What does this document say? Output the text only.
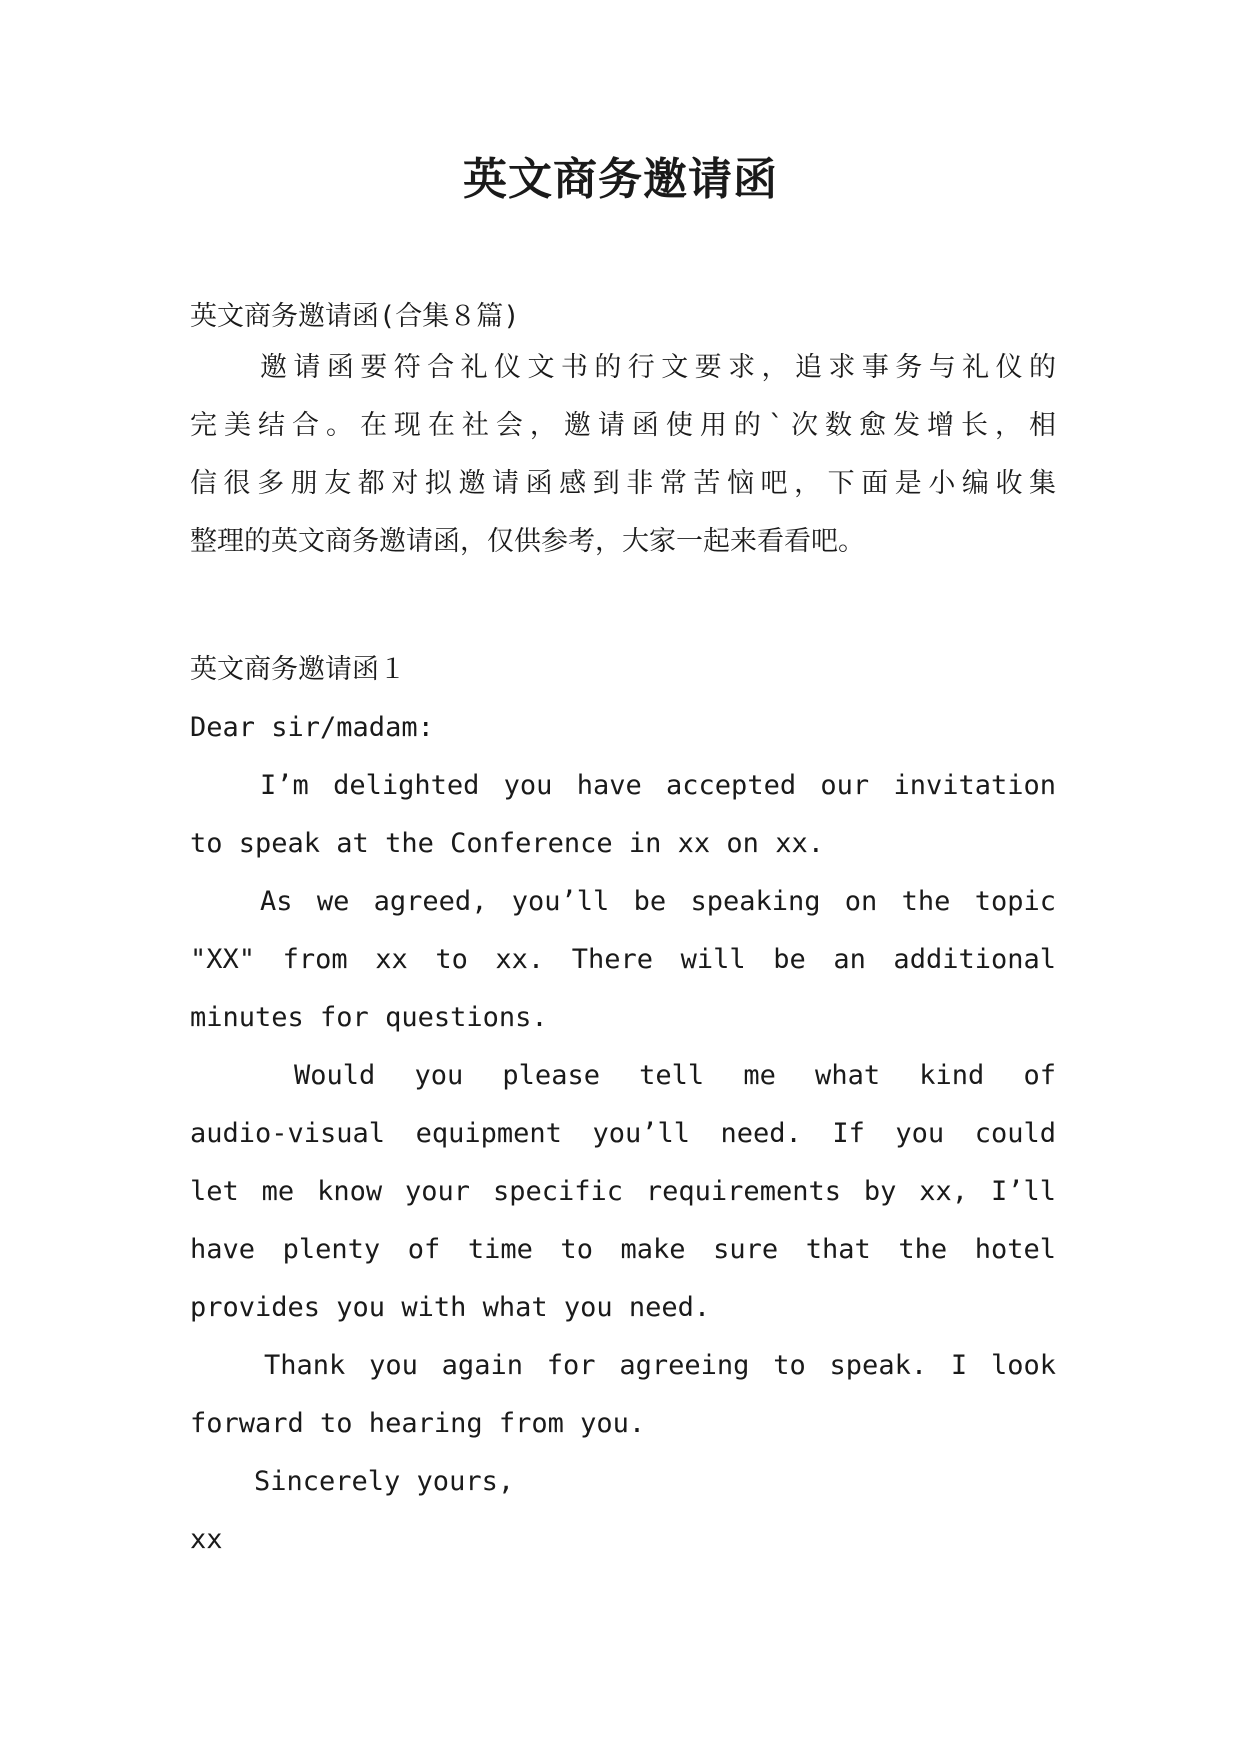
英文商务邀请函
英文商务邀请函(合集８篇)
邀请函要符合礼仪文书的行文要求，追求事务与礼仪的
完美结合。在现在社会，邀请函使用的`次数愈发增长，相
信很多朋友都对拟邀请函感到非常苦恼吧，下面是小编收集
整理的英文商务邀请函，仅供参考，大家一起来看看吧。
英文商务邀请函１
Dear sir/madam:
I’m delighted you have accepted our invitation
to speak at the Conference in xx on xx.
As we agreed, you’ll be speaking on the topic
"XX" from xx to xx. There will be an additional
minutes for questions.
Would you please tell me what kind of
audio-visual equipment you’ll need. If you could
let me know your specific requirements by xx, I’ll
have plenty of time to make sure that the hotel
provides you with what you need.
Thank you again for agreeing to speak. I look
forward to hearing from you.
Sincerely yours,
xx
